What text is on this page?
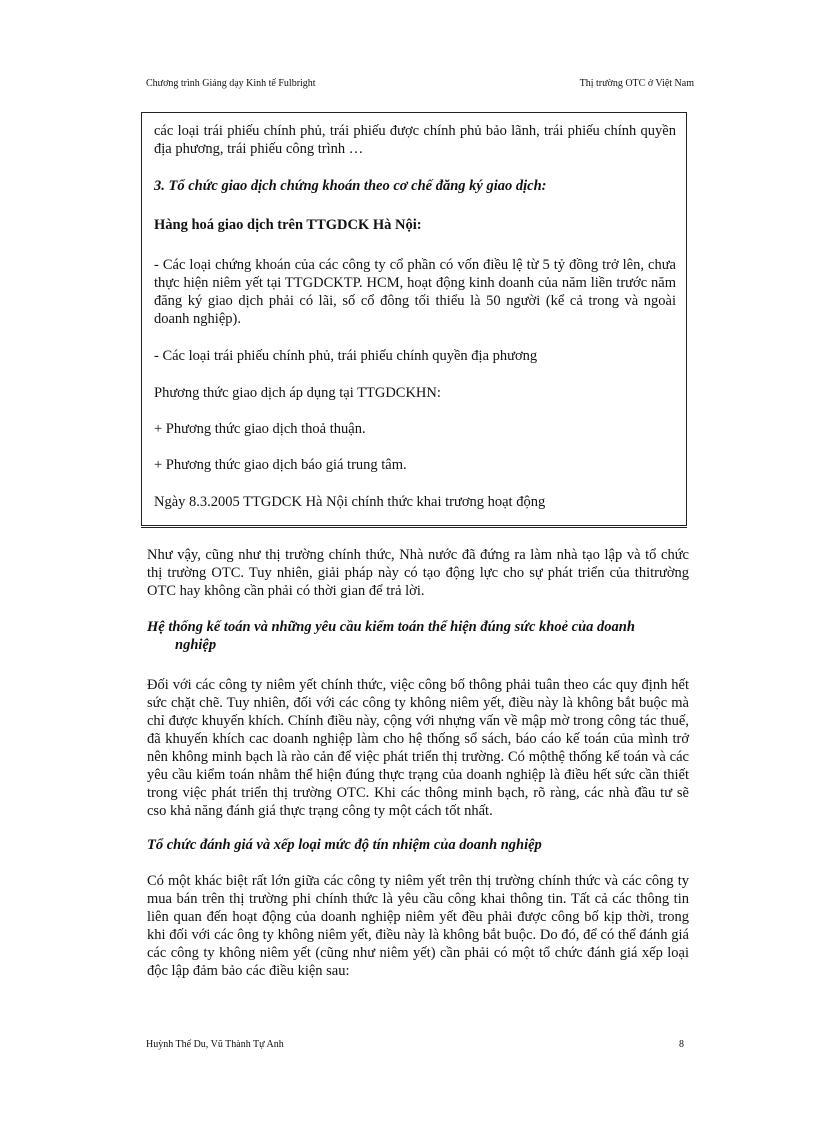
Chương trình Giảng dạy Kinh tế Fulbright	Thị trường OTC ở Việt Nam

các loại trái phiếu chính phủ, trái phiếu được chính phủ bảo lãnh, trái phiếu chính quyền địa phương, trái phiếu công trình …

3. Tổ chức giao dịch chứng khoán theo cơ chế đăng ký giao dịch:

Hàng hoá giao dịch trên TTGDCK Hà Nội:

- Các loại chứng khoán của các công ty cổ phần có vốn điều lệ từ 5 tỷ đồng trở lên, chưa thực hiện niêm yết tại TTGDCKTP. HCM, hoạt động kinh doanh của năm liền trước năm đăng ký giao dịch phải có lãi, số cổ đông tối thiểu là 50 người (kể cả trong và ngoài doanh nghiệp).

- Các loại trái phiếu chính phủ, trái phiếu chính quyền địa phương

Phương thức giao dịch áp dụng tại TTGDCKHN:

+ Phương thức giao dịch thoả thuận.

+ Phương thức giao dịch báo giá trung tâm.

Ngày 8.3.2005 TTGDCK Hà Nội chính thức khai trương hoạt động

Như vậy, cũng như thị trường chính thức, Nhà nước đã đứng ra làm nhà tạo lập và tổ chức thị trường OTC. Tuy nhiên, giải pháp này có tạo động lực cho sự phát triển của thitrường OTC hay không cần phải có thời gian để trả lời.

Hệ thống kế toán và những yêu cầu kiểm toán thể hiện đúng sức khoẻ của doanh
nghiệp

Đối với các công ty niêm yết chính thức, việc công bố thông phải tuân theo các quy định hết sức chặt chẽ. Tuy nhiên, đối với các công ty không niêm yết, điều này là không bắt buộc mà chỉ được khuyến khích. Chính điều này, cộng với nhựng vấn về mập mờ trong công tác thuế, đã khuyến khích cac doanh nghiệp làm cho hệ thống sổ sách, báo cáo kế toán của mình trở nên không minh bạch là rào cản để việc phát triển thị trường. Có mộthệ thống kế toán và các yêu cầu kiểm toán nhằm thể hiện đúng thực trạng của doanh nghiệp là điều hết sức cần thiết trong việc phát triển thị trường OTC. Khi các thông minh bạch, rõ ràng, các nhà đầu tư sẽ cso khả năng đánh giá thực trạng công ty một cách tốt nhất.

Tổ chức đánh giá và xếp loại mức độ tín nhiệm của doanh nghiệp

Có một khác biệt rất lớn giữa các công ty niêm yết trên thị trường chính thức và các công ty mua bán trên thị trường phi chính thức là yêu cầu công khai thông tin. Tất cả các thông tin liên quan đến hoạt động của doanh nghiệp niêm yết đều phải được công bố kịp thời, trong khi đối với các ông ty không niêm yết, điều này là không bắt buộc. Do đó, để có thể đánh giá các công ty không niêm yết (cũng như niêm yết) cần phải có một tổ chức đánh giá xếp loại độc lập đảm bảo các điều kiện sau:

Huỳnh Thế Du, Vũ Thành Tự Anh	8
